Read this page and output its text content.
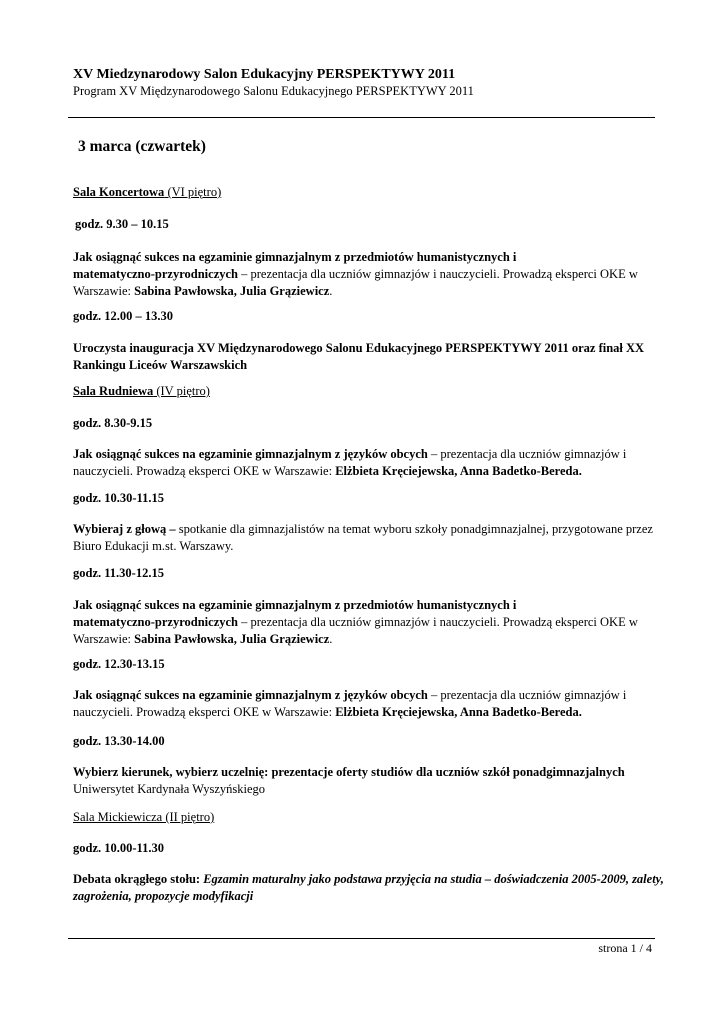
XV Miedzynarodowy Salon Edukacyjny PERSPEKTYWY 2011
Program XV Międzynarodowego Salonu Edukacyjnego PERSPEKTYWY 2011
3 marca (czwartek)
Sala Koncertowa (VI piętro)
godz. 9.30 – 10.15
Jak osiągnąć sukces na egzaminie gimnazjalnym z przedmiotów humanistycznych i
matematyczno-przyrodniczych – prezentacja dla uczniów gimnazjów i nauczycieli. Prowadzą eksperci OKE w
Warszawie: Sabina Pawłowska, Julia Grąziewicz.
godz. 12.00 – 13.30
Uroczysta inauguracja XV Międzynarodowego Salonu Edukacyjnego PERSPEKTYWY 2011 oraz finał XX
Rankingu Liceów Warszawskich
Sala Rudniewa (IV piętro)
godz. 8.30-9.15
Jak osiągnąć sukces na egzaminie gimnazjalnym z języków obcych – prezentacja dla uczniów gimnazjów i
nauczycieli. Prowadzą eksperci OKE w Warszawie: Elżbieta Kręciejewska, Anna Badetko-Bereda.
godz. 10.30-11.15
Wybieraj z głową – spotkanie dla gimnazjalistów na temat wyboru szkoły ponadgimnazjalnej, przygotowane przez
Biuro Edukacji m.st. Warszawy.
godz. 11.30-12.15
Jak osiągnąć sukces na egzaminie gimnazjalnym z przedmiotów humanistycznych i
matematyczno-przyrodniczych – prezentacja dla uczniów gimnazjów i nauczycieli. Prowadzą eksperci OKE w
Warszawie: Sabina Pawłowska, Julia Grąziewicz.
godz. 12.30-13.15
Jak osiągnąć sukces na egzaminie gimnazjalnym z języków obcych – prezentacja dla uczniów gimnazjów i
nauczycieli. Prowadzą eksperci OKE w Warszawie: Elżbieta Kręciejewska, Anna Badetko-Bereda.
godz. 13.30-14.00
Wybierz kierunek, wybierz uczelnię: prezentacje oferty studiów dla uczniów szkół ponadgimnazjalnych
Uniwersytet Kardynała Wyszyńskiego
Sala Mickiewicza (II piętro)
godz. 10.00-11.30
Debata okrągłego stołu: Egzamin maturalny jako podstawa przyjęcia na studia – doświadczenia 2005-2009, zalety,
zagrożenia, propozycje modyfikacji
strona 1 / 4
